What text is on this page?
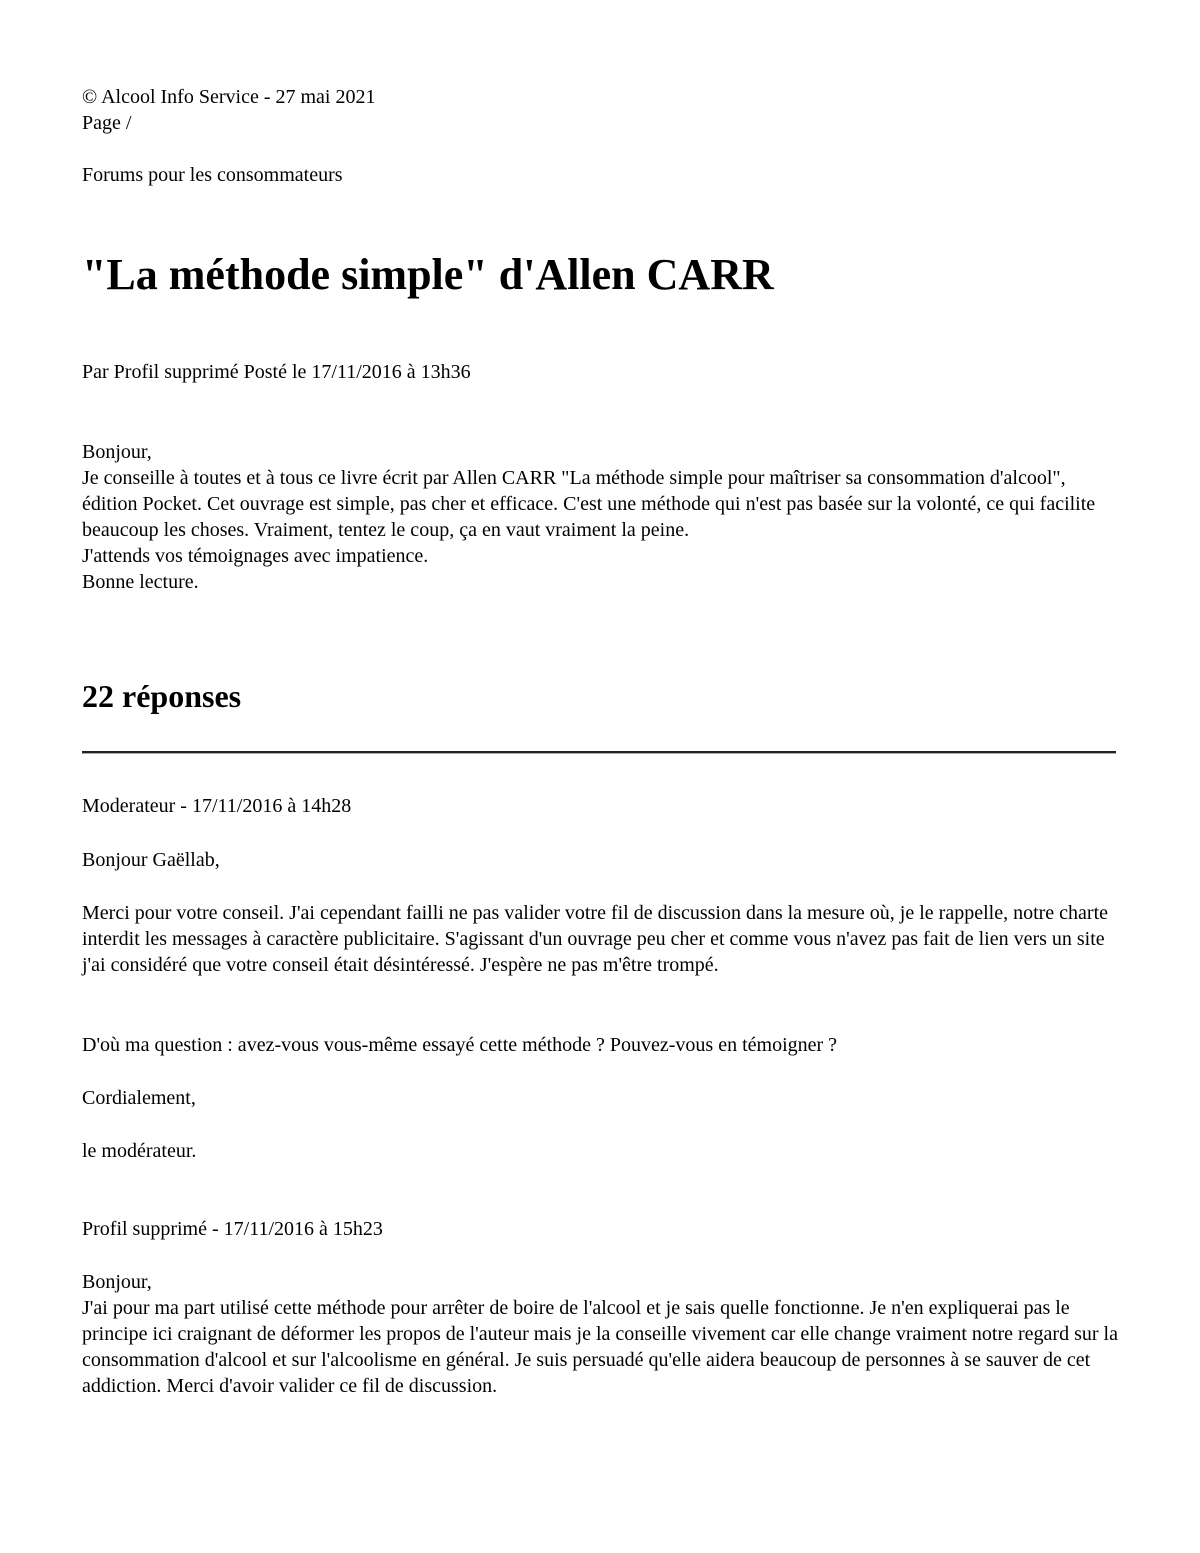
© Alcool Info Service - 27 mai 2021
Page /

Forums pour les consommateurs

"La méthode simple" d'Allen CARR

Par Profil supprimé Posté le 17/11/2016 à 13h36

Bonjour,
Je conseille à toutes et à tous ce livre écrit par Allen CARR "La méthode simple pour maîtriser sa consommation d'alcool", édition Pocket. Cet ouvrage est simple, pas cher et efficace. C'est une méthode qui n'est pas basée sur la volonté, ce qui facilite beaucoup les choses. Vraiment, tentez le coup, ça en vaut vraiment la peine.
J'attends vos témoignages avec impatience.
Bonne lecture.
22 réponses

Moderateur - 17/11/2016 à 14h28

Bonjour Gaëllab,

Merci pour votre conseil. J'ai cependant failli ne pas valider votre fil de discussion dans la mesure où, je le rappelle, notre charte interdit les messages à caractère publicitaire. S'agissant d'un ouvrage peu cher et comme vous n'avez pas fait de lien vers un site j'ai considéré que votre conseil était désintéressé. J'espère ne pas m'être trompé.

D'où ma question : avez-vous vous-même essayé cette méthode ? Pouvez-vous en témoigner ?

Cordialement,

le modérateur.

Profil supprimé - 17/11/2016 à 15h23

Bonjour,
J'ai pour ma part utilisé cette méthode pour arrêter de boire de l'alcool et je sais quelle fonctionne. Je n'en expliquerai pas le principe ici craignant de déformer les propos de l'auteur mais je la conseille vivement car elle change vraiment notre regard sur la consommation d'alcool et sur l'alcoolisme en général. Je suis persuadé qu'elle aidera beaucoup de personnes à se sauver de cet addiction. Merci d'avoir valider ce fil de discussion.
